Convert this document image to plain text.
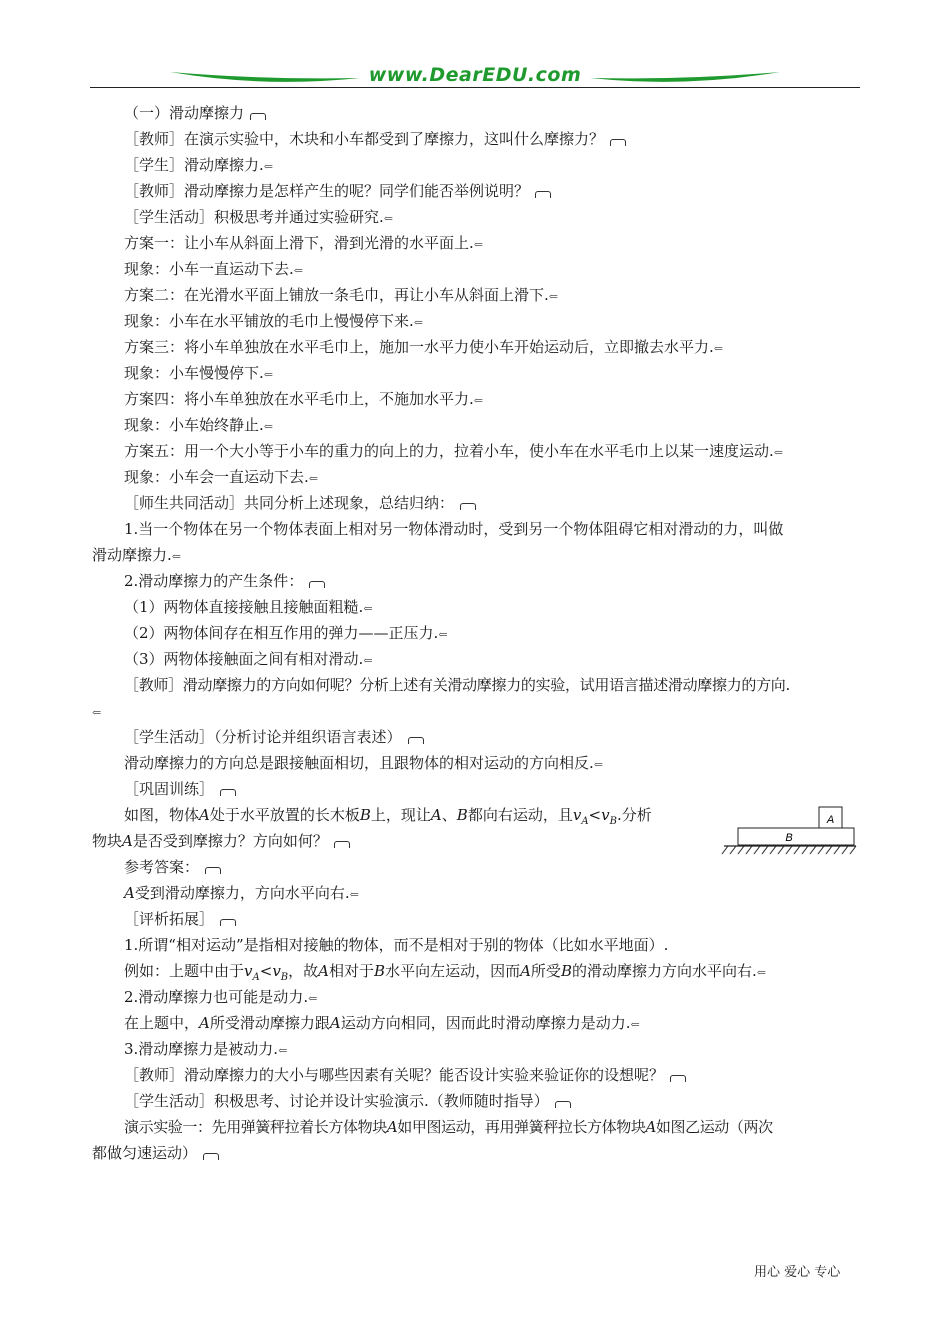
www.DearEDU.com
（一）滑动摩擦力
［教师］在演示实验中，木块和小车都受到了摩擦力，这叫什么摩擦力？
［学生］滑动摩擦力.⇐
［教师］滑动摩擦力是怎样产生的呢？同学们能否举例说明？
［学生活动］积极思考并通过实验研究.⇐
方案一：让小车从斜面上滑下，滑到光滑的水平面上.⇐
现象：小车一直运动下去.⇐
方案二：在光滑水平面上铺放一条毛巾，再让小车从斜面上滑下.⇐
现象：小车在水平铺放的毛巾上慢慢停下来.⇐
方案三：将小车单独放在水平毛巾上，施加一水平力使小车开始运动后，立即撤去水平力.⇐
现象：小车慢慢停下.⇐
方案四：将小车单独放在水平毛巾上，不施加水平力.⇐
现象：小车始终静止.⇐
方案五：用一个大小等于小车的重力的向上的力，拉着小车，使小车在水平毛巾上以某一速度运动.⇐
现象：小车会一直运动下去.⇐
［师生共同活动］共同分析上述现象，总结归纳：
1.当一个物体在另一个物体表面上相对另一物体滑动时，受到另一个物体阻碍它相对滑动的力，叫做
滑动摩擦力.⇐
2.滑动摩擦力的产生条件：
（1）两物体直接接触且接触面粗糙.⇐
（2）两物体间存在相互作用的弹力——正压力.⇐
（3）两物体接触面之间有相对滑动.⇐
［教师］滑动摩擦力的方向如何呢？分析上述有关滑动摩擦力的实验，试用语言描述滑动摩擦力的方向.
⇐
［学生活动］（分析讨论并组织语言表述）
滑动摩擦力的方向总是跟接触面相切，且跟物体的相对运动的方向相反.⇐
［巩固训练］
如图，物体A处于水平放置的长木板B上，现让A、B都向右运动，且$v_A<v_B$.分析
物块A是否受到摩擦力？方向如何？
A
B
参考答案：
A受到滑动摩擦力，方向水平向右.⇐
［评析拓展］
1.所谓“相对运动”是指相对接触的物体，而不是相对于别的物体（比如水平地面）.
例如：上题中由于$v_A<v_B$，故A相对于B水平向左运动，因而A所受B的滑动摩擦力方向水平向右.⇐
2.滑动摩擦力也可能是动力.⇐
在上题中，A所受滑动摩擦力跟A运动方向相同，因而此时滑动摩擦力是动力.⇐
3.滑动摩擦力是被动力.⇐
［教师］滑动摩擦力的大小与哪些因素有关呢？能否设计实验来验证你的设想呢？
［学生活动］积极思考、讨论并设计实验演示.（教师随时指导）
演示实验一：先用弹簧秤拉着长方体物块A如甲图运动，再用弹簧秤拉长方体物块A如图乙运动（两次
都做匀速运动）
用心 爱心 专心
